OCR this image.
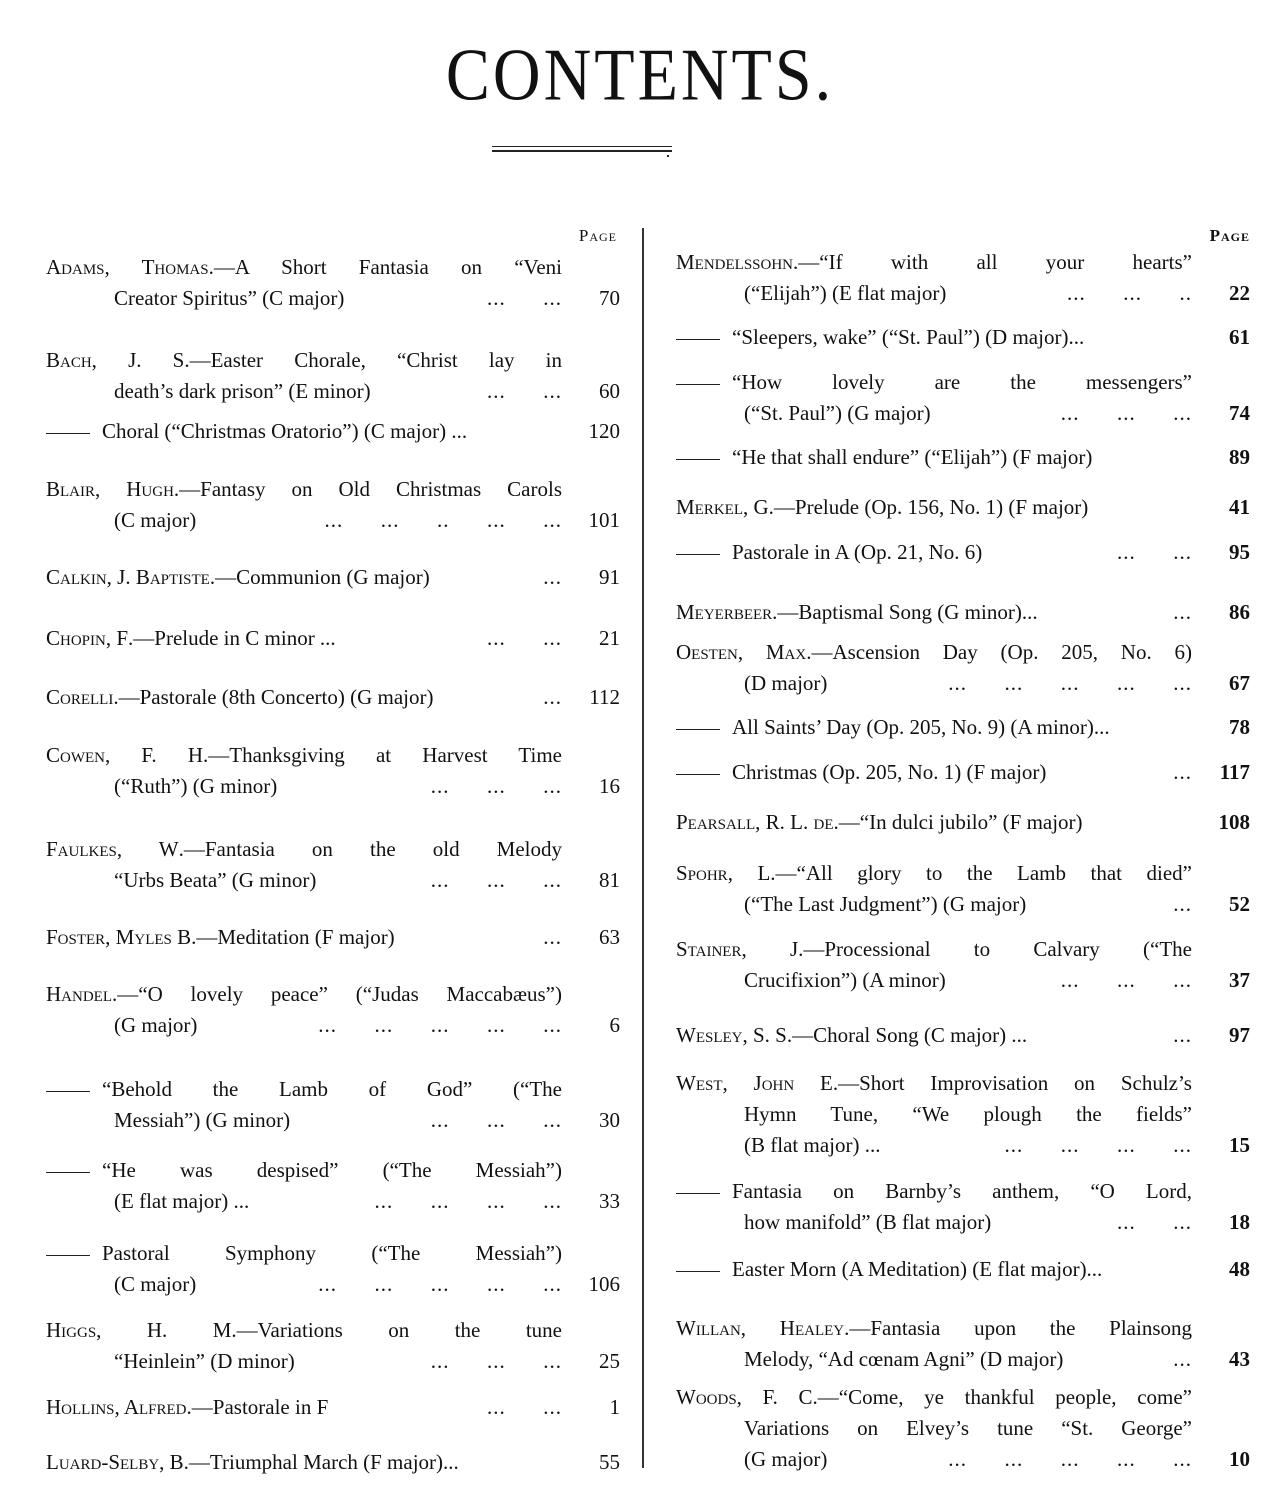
CONTENTS.
Page
Adams, Thomas.—A Short Fantasia on “Veni
Creator Spiritus” (C major)	...      ...	70
Bach, J. S.—Easter Chorale, “Christ lay in
death’s dark prison” (E minor)	...      ...	60
Choral (“Christmas Oratorio”) (C major) ...	120
Blair, Hugh.—Fantasy on Old Christmas Carols
(C major)	...      ...      ..      ...      ...	101
Calkin, J. Baptiste.—Communion (G major)	...	91
Chopin, F.—Prelude in C minor ...	...      ...	21
Corelli.—Pastorale (8th Concerto) (G major)	...	112
Cowen, F. H.—Thanksgiving at Harvest Time
(“Ruth”) (G minor)	...      ...      ...	16
Faulkes, W.—Fantasia on the old Melody
“Urbs Beata” (G minor)	...      ...      ...	81
Foster, Myles B.—Meditation (F major)	...	63
Handel.—“O lovely peace” (“Judas Maccabæus”)
(G major)	...      ...      ...      ...      ...	6
“Behold the Lamb of God” (“The
Messiah”) (G minor)	...      ...      ...	30
“He was despised” (“The Messiah”)
(E flat major) ...	...      ...      ...      ...	33
Pastoral Symphony (“The Messiah”)
(C major)	...      ...      ...      ...      ...	106
Higgs, H. M.—Variations on the tune
“Heinlein” (D minor)	...      ...      ...	25
Hollins, Alfred.—Pastorale in F	...      ...	1
Luard-Selby, B.—Triumphal March (F major)...	55
Page
Mendelssohn.—“If with all your hearts”
(“Elijah”) (E flat major)	...      ...      ..	22
“Sleepers, wake” (“St. Paul”) (D major)...	61
“How lovely are the messengers”
(“St. Paul”) (G major)	...      ...      ...	74
“He that shall endure” (“Elijah”) (F major)	89
Merkel, G.—Prelude (Op. 156, No. 1) (F major)	41
Pastorale in A (Op. 21, No. 6)	...      ...	95
Meyerbeer.—Baptismal Song (G minor)...	...	86
Oesten, Max.—Ascension Day (Op. 205, No. 6)
(D major)	...      ...      ...      ...      ...	67
All Saints’ Day (Op. 205, No. 9) (A minor)...	78
Christmas (Op. 205, No. 1) (F major)	...	117
Pearsall, R. L. de.—“In dulci jubilo” (F major)	108
Spohr, L.—“All glory to the Lamb that died”
(“The Last Judgment”) (G major)	...	52
Stainer, J.—Processional to Calvary (“The
Crucifixion”) (A minor)	...      ...      ...	37
Wesley, S. S.—Choral Song (C major) ...	...	97
West, John E.—Short Improvisation on Schulz’s
Hymn Tune, “We plough the fields”
(B flat major) ...	...      ...      ...      ...	15
Fantasia on Barnby’s anthem, “O Lord,
how manifold” (B flat major)	...      ...	18
Easter Morn (A Meditation) (E flat major)...	48
Willan, Healey.—Fantasia upon the Plainsong
Melody, “Ad cœnam Agni” (D major)	...	43
Woods, F. C.—“Come, ye thankful people, come”
Variations on Elvey’s tune “St. George”
(G major)	...      ...      ...      ...      ...	10
